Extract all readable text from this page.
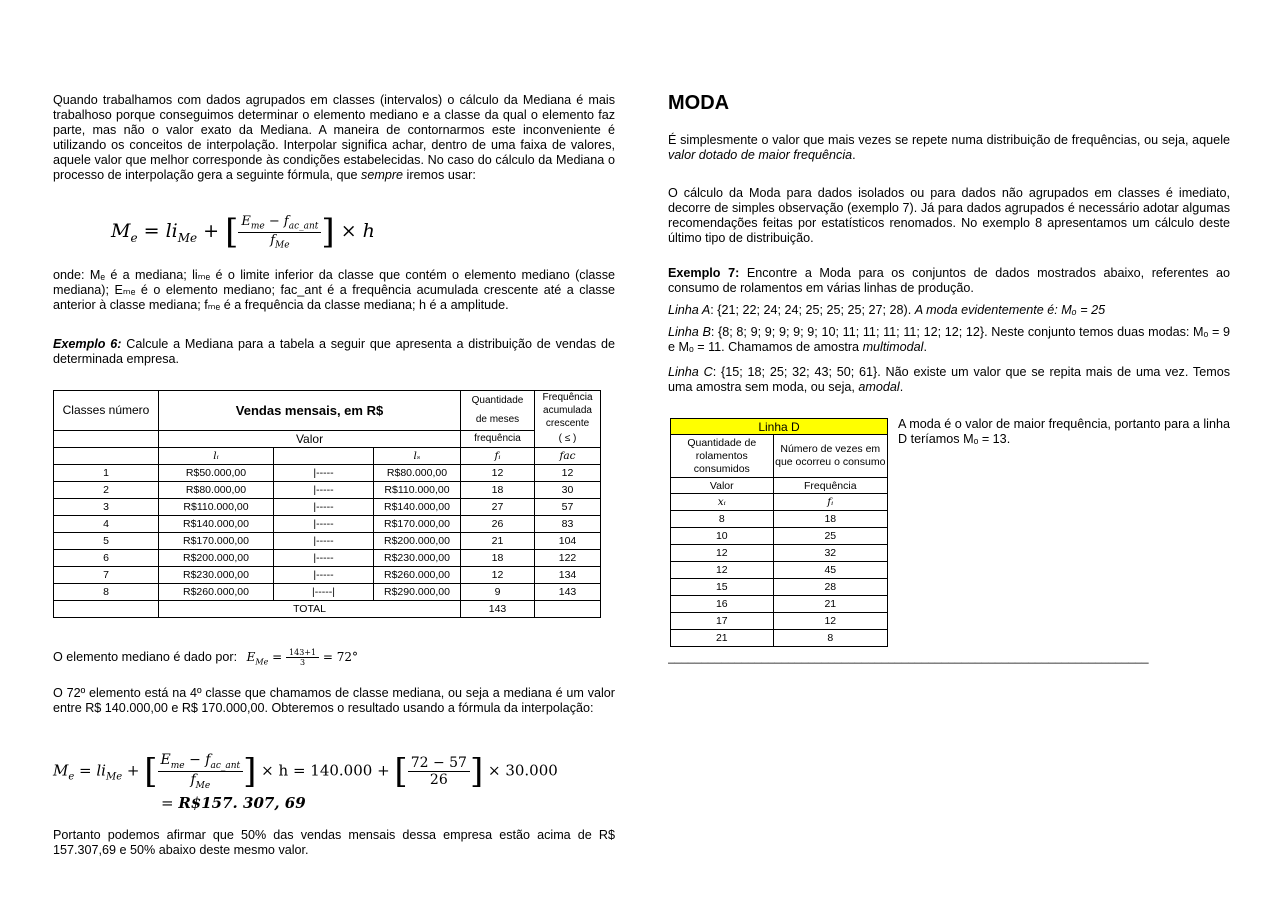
Quando trabalhamos com dados agrupados em classes (intervalos) o cálculo da Mediana é mais trabalhoso porque conseguimos determinar o elemento mediano e a classe da qual o elemento faz parte, mas não o valor exato da Mediana. A maneira de contornarmos este inconveniente é utilizando os conceitos de interpolação. Interpolar significa achar, dentro de uma faixa de valores, aquele valor que melhor corresponde às condições estabelecidas. No caso do cálculo da Mediana o processo de interpolação gera a seguinte fórmula, que sempre iremos usar:

$M_e = li_{Me}$ + [ $\frac{E_{me} - f_{ac\_ant}}{f_{Me}}$ ] × h

onde: Mₑ é a mediana; liₘₑ é o limite inferior da classe que contém o elemento mediano (classe mediana); Eₘₑ é o elemento mediano; fac_ant é a frequência acumulada crescente até a classe anterior à classe mediana; fₘₑ é a frequência da classe mediana; h é a amplitude.

Exemplo 6: Calcule a Mediana para a tabela a seguir que apresenta a distribuição de vendas de determinada empresa.

Classes número	Vendas mensais, em R$			Quantidade	Frequência acumulada crescente
				de meses	
	Valor			frequência	( ≤ )
	lᵢ		lₛ	fᵢ	fac
1	R$50.000,00	|-----	R$80.000,00	12	12
2	R$80.000,00	|-----	R$110.000,00	18	30
3	R$110.000,00	|-----	R$140.000,00	27	57
4	R$140.000,00	|-----	R$170.000,00	26	83
5	R$170.000,00	|-----	R$200.000,00	21	104
6	R$200.000,00	|-----	R$230.000,00	18	122
7	R$230.000,00	|-----	R$260.000,00	12	134
8	R$260.000,00	|-----|	R$290.000,00	9	143
	TOTAL			143	

O elemento mediano é dado por: $E_{Me} = \frac{143+1}{3} = 72^\circ$

O 72º elemento está na 4º classe que chamamos de classe mediana, ou seja a mediana é um valor entre R$ 140.000,00 e R$ 170.000,00. Obteremos o resultado usando a fórmula da interpolação:

$M_e = li_{Me}$ + [ $\frac{E_{me} - f_{ac\_ant}}{f_{Me}}$ ] × h = 140.000 + [ $\frac{72 - 57}{26}$ ] × 30.000
= R$157. 307, 69

Portanto podemos afirmar que 50% das vendas mensais dessa empresa estão acima de R$ 157.307,69 e 50% abaixo deste mesmo valor.

MODA

É simplesmente o valor que mais vezes se repete numa distribuição de frequências, ou seja, aquele valor dotado de maior frequência.

O cálculo da Moda para dados isolados ou para dados não agrupados em classes é imediato, decorre de simples observação (exemplo 7). Já para dados agrupados é necessário adotar algumas recomendações feitas por estatísticos renomados. No exemplo 8 apresentamos um cálculo deste último tipo de distribuição.

Exemplo 7: Encontre a Moda para os conjuntos de dados mostrados abaixo, referentes ao consumo de rolamentos em várias linhas de produção.

Linha A: {21; 22; 24; 24; 25; 25; 25; 27; 28). A moda evidentemente é: Mₒ = 25

Linha B: {8; 8; 9; 9; 9; 9; 9; 10; 11; 11; 11; 11; 12; 12; 12}. Neste conjunto temos duas modas: Mₒ = 9 e Mₒ = 11. Chamamos de amostra multimodal.

Linha C: {15; 18; 25; 32; 43; 50; 61}. Não existe um valor que se repita mais de uma vez. Temos uma amostra sem moda, ou seja, amodal.

Linha D	
Quantidade de rolamentos consumidos	Número de vezes em que ocorreu o consumo
Valor	Frequência
xᵢ	fᵢ
8	18
10	25
12	32
12	45
15	28
16	21
17	12
21	8

A moda é o valor de maior frequência, portanto para a linha D teríamos Mₒ = 13.

________________________________________________________________________
